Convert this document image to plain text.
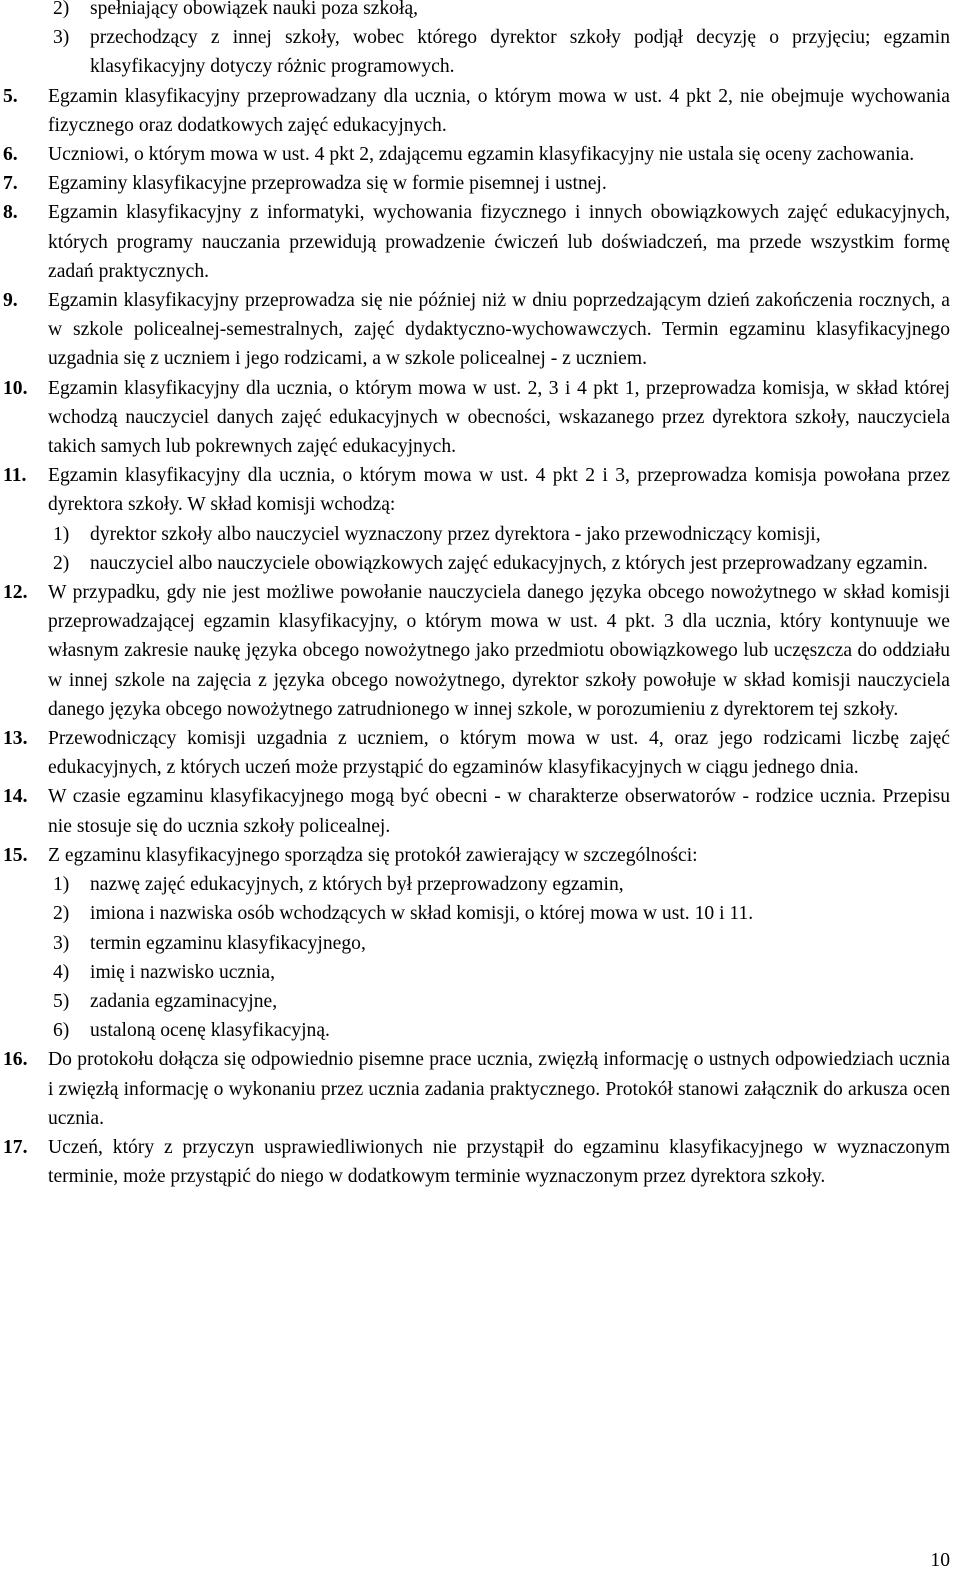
2) spełniający obowiązek nauki poza szkołą,
3) przechodzący z innej szkoły, wobec którego dyrektor szkoły podjął decyzję o przyjęciu; egzamin klasyfikacyjny dotyczy różnic programowych.
5. Egzamin klasyfikacyjny przeprowadzany dla ucznia, o którym mowa w ust. 4 pkt 2, nie obejmuje wychowania fizycznego oraz dodatkowych zajęć edukacyjnych.
6. Uczniowi, o którym mowa w ust. 4 pkt 2, zdającemu egzamin klasyfikacyjny nie ustala się oceny zachowania.
7. Egzaminy klasyfikacyjne przeprowadza się w formie pisemnej i ustnej.
8. Egzamin klasyfikacyjny z informatyki, wychowania fizycznego i innych obowiązkowych zajęć edukacyjnych, których programy nauczania przewidują prowadzenie ćwiczeń lub doświadczeń, ma przede wszystkim formę zadań praktycznych.
9. Egzamin klasyfikacyjny przeprowadza się nie później niż w dniu poprzedzającym dzień zakończenia rocznych, a w szkole policealnej-semestralnych, zajęć dydaktyczno-wychowawczych. Termin egzaminu klasyfikacyjnego uzgadnia się z uczniem i jego rodzicami, a w szkole policealnej - z uczniem.
10. Egzamin klasyfikacyjny dla ucznia, o którym mowa w ust. 2, 3 i 4 pkt 1, przeprowadza komisja, w skład której wchodzą nauczyciel danych zajęć edukacyjnych w obecności, wskazanego przez dyrektora szkoły, nauczyciela takich samych lub pokrewnych zajęć edukacyjnych.
11. Egzamin klasyfikacyjny dla ucznia, o którym mowa w ust. 4 pkt 2 i 3, przeprowadza komisja powołana przez dyrektora szkoły. W skład komisji wchodzą:
1) dyrektor szkoły albo nauczyciel wyznaczony przez dyrektora - jako przewodniczący komisji,
2) nauczyciel albo nauczyciele obowiązkowych zajęć edukacyjnych, z których jest przeprowadzany egzamin.
12. W przypadku, gdy nie jest możliwe powołanie nauczyciela danego języka obcego nowożytnego w skład komisji przeprowadzającej egzamin klasyfikacyjny, o którym mowa w ust. 4 pkt. 3 dla ucznia, który kontynuuje we własnym zakresie naukę języka obcego nowożytnego jako przedmiotu obowiązkowego lub uczęszcza do oddziału w innej szkole na zajęcia z języka obcego nowożytnego, dyrektor szkoły powołuje w skład komisji nauczyciela danego języka obcego nowożytnego zatrudnionego w innej szkole, w porozumieniu z dyrektorem tej szkoły.
13. Przewodniczący komisji uzgadnia z uczniem, o którym mowa w ust. 4, oraz jego rodzicami liczbę zajęć edukacyjnych, z których uczeń może przystąpić do egzaminów klasyfikacyjnych w ciągu jednego dnia.
14. W czasie egzaminu klasyfikacyjnego mogą być obecni - w charakterze obserwatorów - rodzice ucznia. Przepisu nie stosuje się do ucznia szkoły policealnej.
15. Z egzaminu klasyfikacyjnego sporządza się protokół zawierający w szczególności:
1) nazwę zajęć edukacyjnych, z których był przeprowadzony egzamin,
2) imiona i nazwiska osób wchodzących w skład komisji, o której mowa w ust. 10 i 11.
3) termin egzaminu klasyfikacyjnego,
4) imię i nazwisko ucznia,
5) zadania egzaminacyjne,
6) ustaloną ocenę klasyfikacyjną.
16. Do protokołu dołącza się odpowiednio pisemne prace ucznia, zwięzłą informację o ustnych odpowiedziach ucznia i zwięzłą informację o wykonaniu przez ucznia zadania praktycznego. Protokół stanowi załącznik do arkusza ocen ucznia.
17. Uczeń, który z przyczyn usprawiedliwionych nie przystąpił do egzaminu klasyfikacyjnego w wyznaczonym terminie, może przystąpić do niego w dodatkowym terminie wyznaczonym przez dyrektora szkoły.
10
